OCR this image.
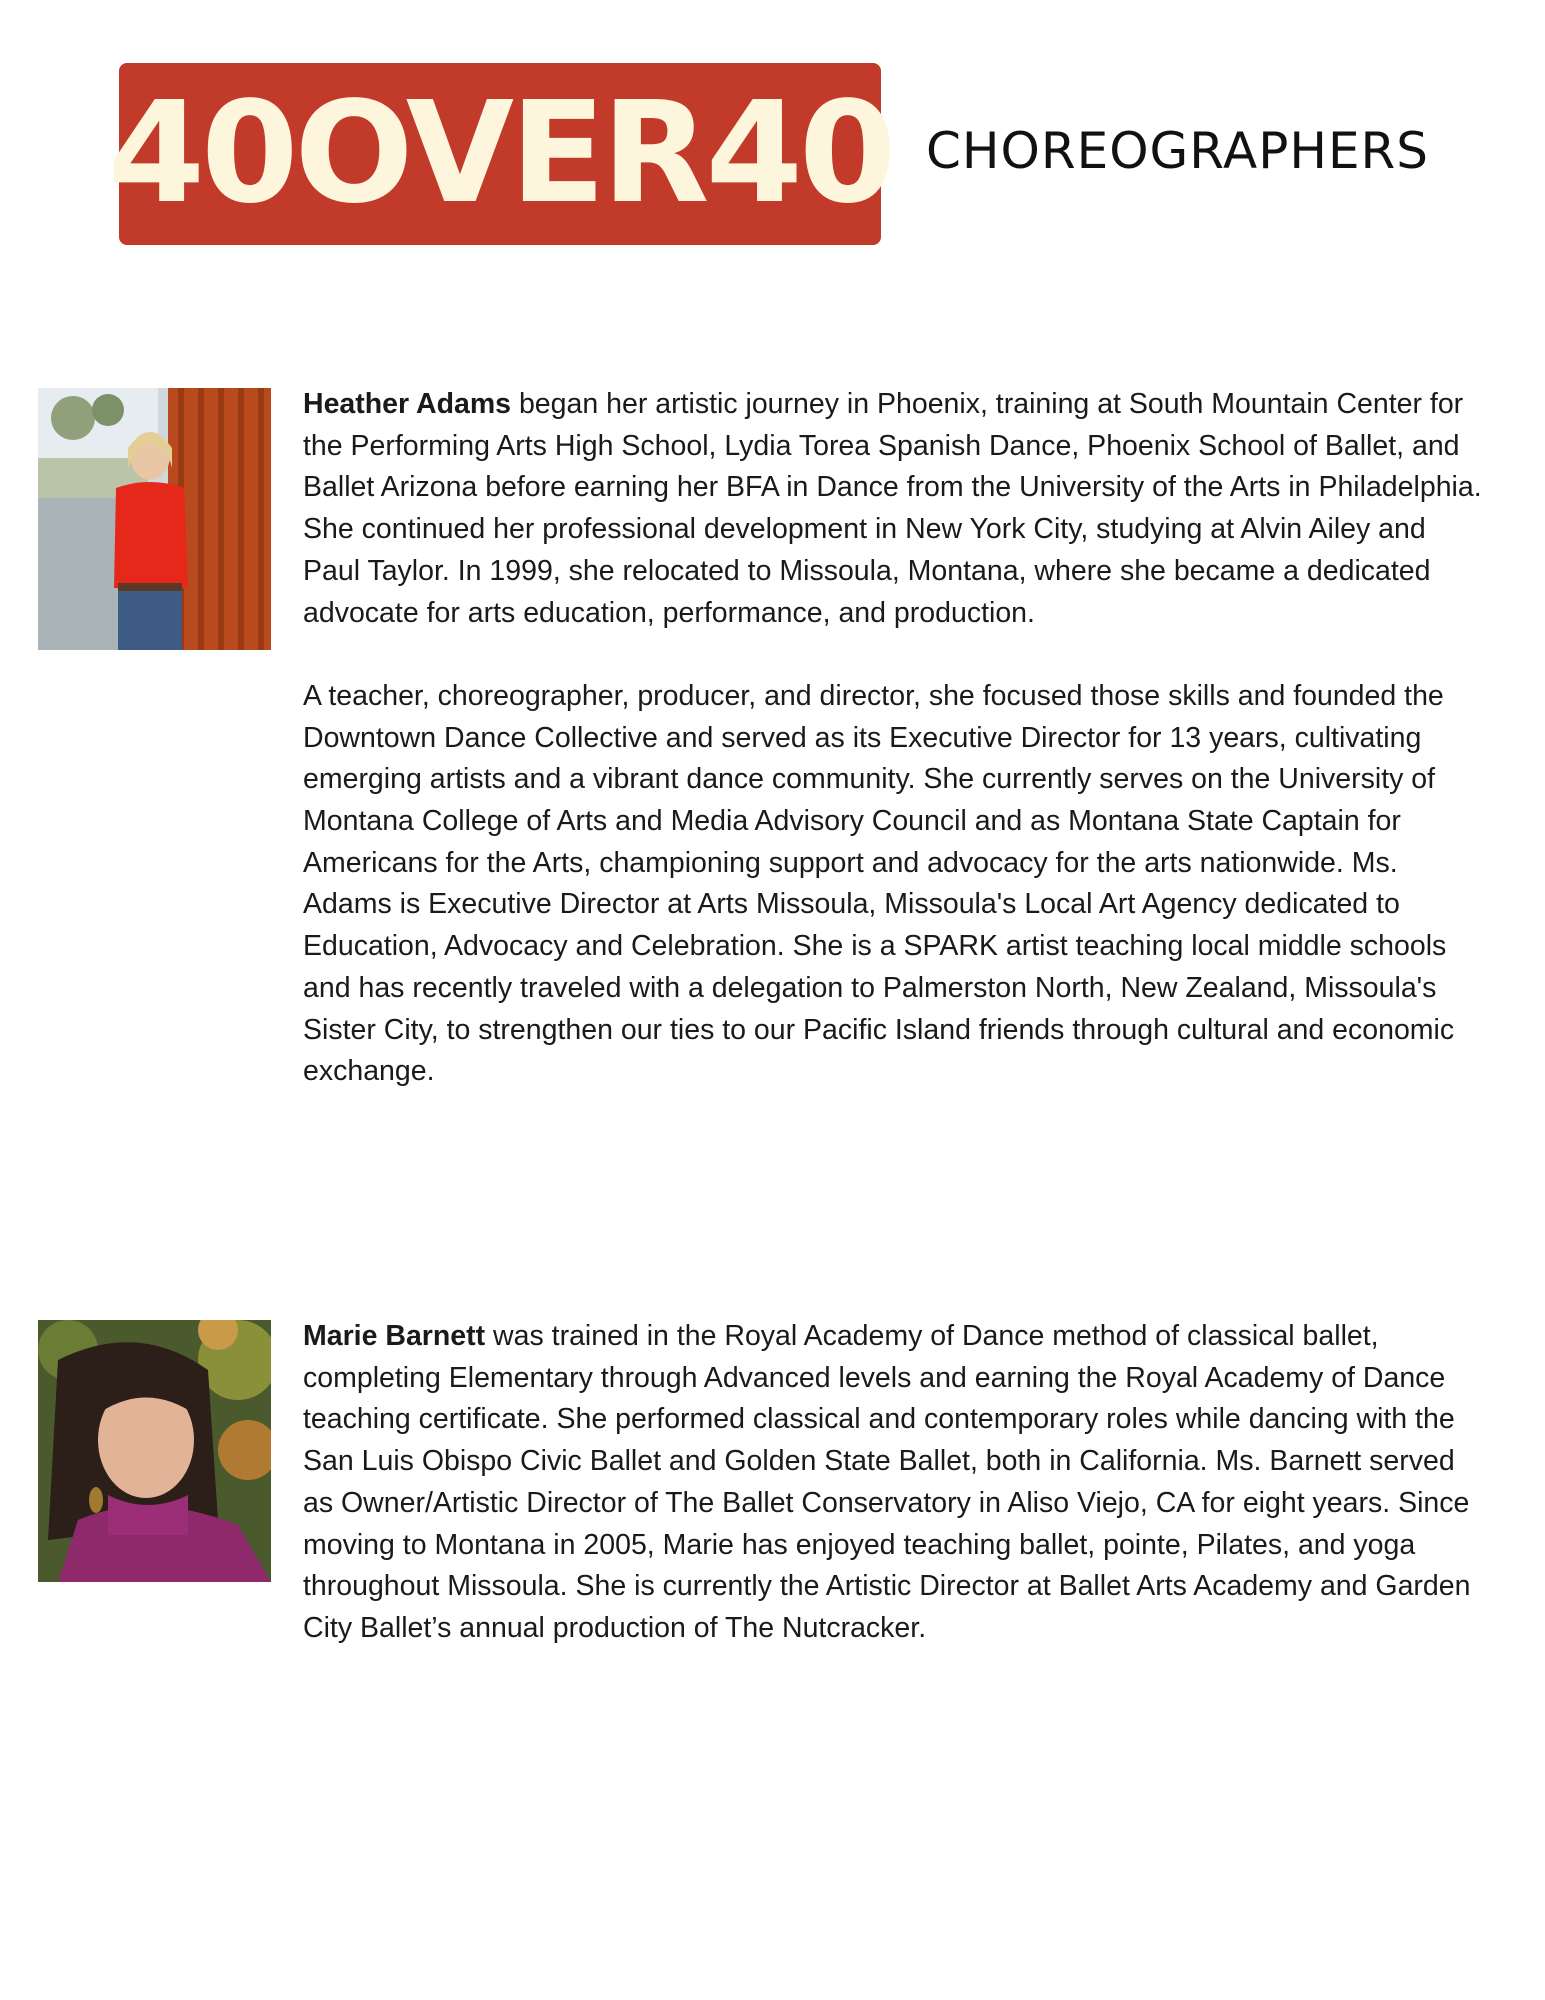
40OVER40 CHOREOGRAPHERS

Heather Adams began her artistic journey in Phoenix, training at South Mountain Center for the Performing Arts High School, Lydia Torea Spanish Dance, Phoenix School of Ballet, and Ballet Arizona before earning her BFA in Dance from the University of the Arts in Philadelphia. She continued her professional development in New York City, studying at Alvin Ailey and Paul Taylor. In 1999, she relocated to Missoula, Montana, where she became a dedicated advocate for arts education, performance, and production.

A teacher, choreographer, producer, and director, she focused those skills and founded the Downtown Dance Collective and served as its Executive Director for 13 years, cultivating emerging artists and a vibrant dance community. She currently serves on the University of Montana College of Arts and Media Advisory Council and as Montana State Captain for Americans for the Arts, championing support and advocacy for the arts nationwide. Ms. Adams is Executive Director at Arts Missoula, Missoula's Local Art Agency dedicated to Education, Advocacy and Celebration. She is a SPARK artist teaching local middle schools and has recently traveled with a delegation to Palmerston North, New Zealand, Missoula's Sister City, to strengthen our ties to our Pacific Island friends through cultural and economic exchange.

Marie Barnett was trained in the Royal Academy of Dance method of classical ballet, completing Elementary through Advanced levels and earning the Royal Academy of Dance teaching certificate. She performed classical and contemporary roles while dancing with the San Luis Obispo Civic Ballet and Golden State Ballet, both in California. Ms. Barnett served as Owner/Artistic Director of The Ballet Conservatory in Aliso Viejo, CA for eight years. Since moving to Montana in 2005, Marie has enjoyed teaching ballet, pointe, Pilates, and yoga throughout Missoula. She is currently the Artistic Director at Ballet Arts Academy and Garden City Ballet’s annual production of The Nutcracker.
